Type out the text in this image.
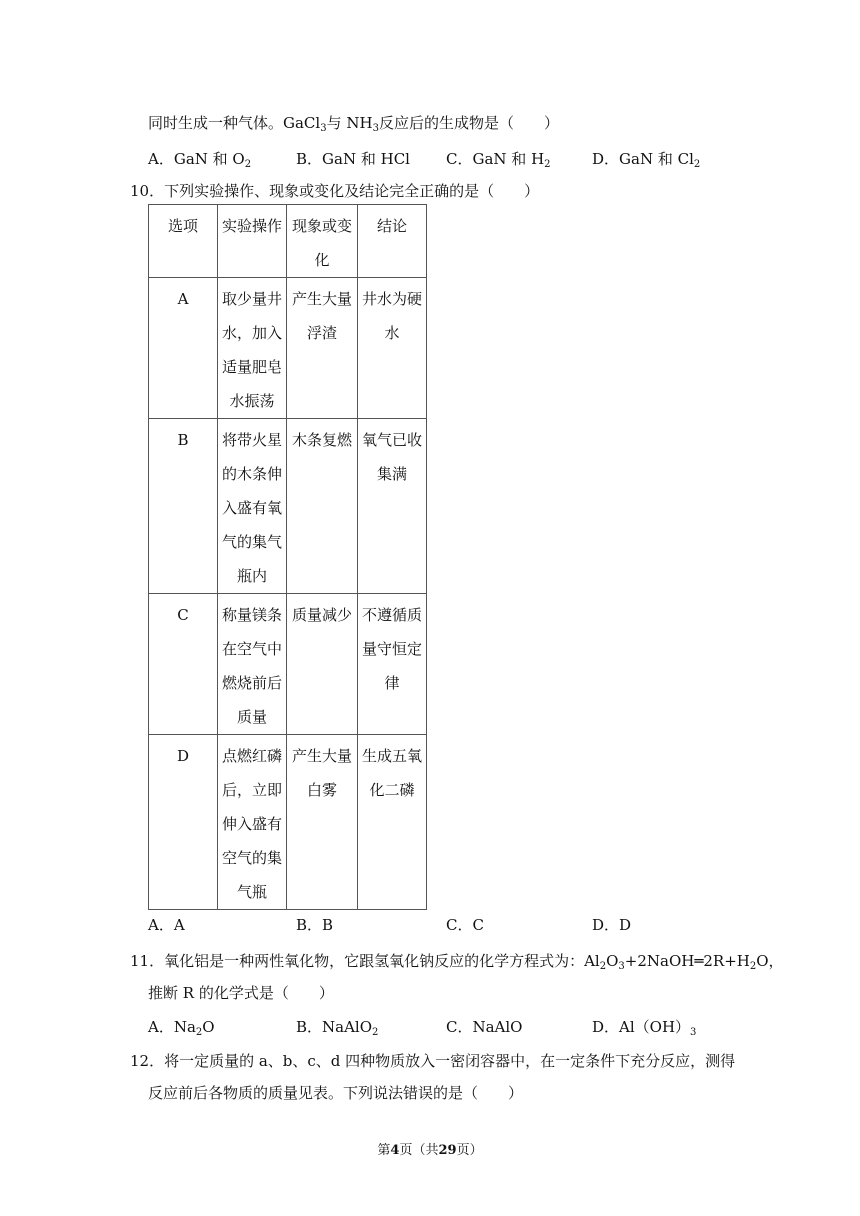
同时生成一种气体。GaCl$_3$与 $NH_3$反应后的生成物是（　　）
A．GaN 和 $O_2$	B．GaN 和 HCl C．GaN 和 $H_2$	D．GaN 和 $Cl_2$
10．下列实验操作、现象或变化及结论完全正确的是（　　）
选项	实验操作	现象或变化	结论

A	取少量井水，加入适量肥皂水振荡	产生大量浮渣	井水为硬水

B	将带火星的木条伸入盛有氧气的集气瓶内	木条复燃	氧气已收集满

C	称量镁条在空气中燃烧前后质量	质量减少	不遵循质量守恒定律

D	点燃红磷后，立即伸入盛有空气的集气瓶	产生大量白雾	生成五氧化二磷
A．A	B．B	C．C	D．D
11．氧化铝是一种两性氧化物，它跟氢氧化钠反应的化学方程式为：$Al_2O_3+2NaOH═2R+H_2O$，
推断 R 的化学式是（　　）
A．$Na_2O$	B．NaAlO$_2$	C．NaAlO	D．$Al(OH)_3$
12．将一定质量的 a、b、c、d 四种物质放入一密闭容器中，在一定条件下充分反应，测得
反应前后各物质的质量见表。下列说法错误的是（　　）
第4页（共29页）
